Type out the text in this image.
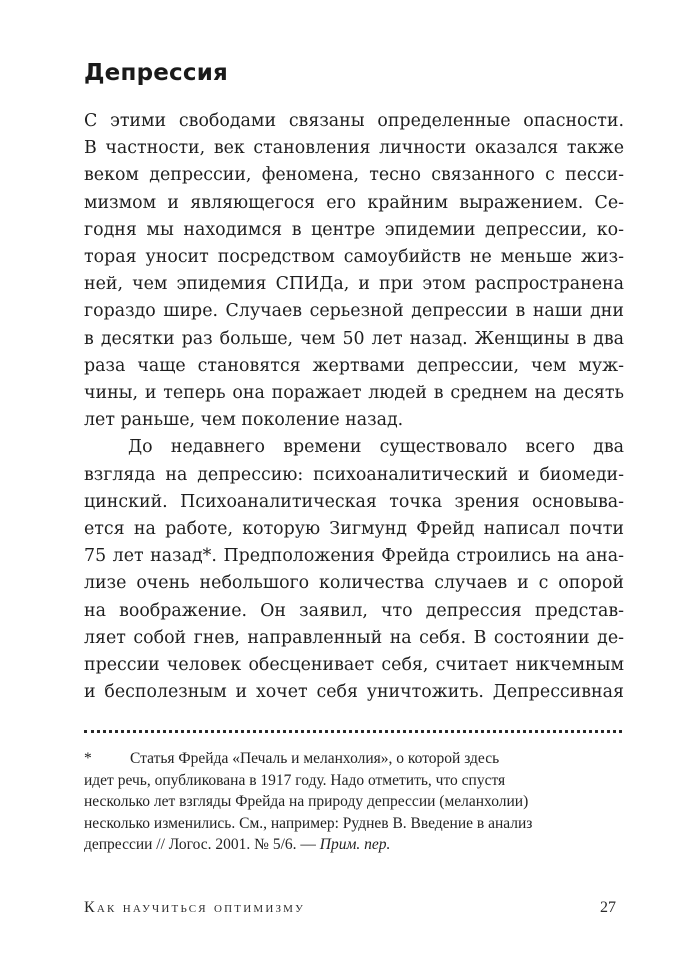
Депрессия
С этими свободами связаны определенные опасности.
В частности, век становления личности оказался также
веком депрессии, феномена, тесно связанного с песси-
мизмом и являющегося его крайним выражением. Се-
годня мы находимся в центре эпидемии депрессии, ко-
торая уносит посредством самоубийств не меньше жиз-
ней, чем эпидемия СПИДа, и при этом распространена
гораздо шире. Случаев серьезной депрессии в наши дни
в десятки раз больше, чем 50 лет назад. Женщины в два
раза чаще становятся жертвами депрессии, чем муж-
чины, и теперь она поражает людей в среднем на десять
лет раньше, чем поколение назад.
До недавнего времени существовало всего два
взгляда на депрессию: психоаналитический и биомеди-
цинский. Психоаналитическая точка зрения основыва-
ется на работе, которую Зигмунд Фрейд написал почти
75 лет назад*. Предположения Фрейда строились на ана-
лизе очень небольшого количества случаев и с опорой
на воображение. Он заявил, что депрессия представ-
ляет собой гнев, направленный на себя. В состоянии де-
прессии человек обесценивает себя, считает никчемным
и бесполезным и хочет себя уничтожить. Депрессивная
* Статья Фрейда «Печаль и меланхолия», о которой здесь
идет речь, опубликована в 1917 году. Надо отметить, что спустя
несколько лет взгляды Фрейда на природу депрессии (меланхолии)
несколько изменились. См., например: Руднев В. Введение в анализ
депрессии // Логос. 2001. № 5/6. — Прим. пер.
Как научиться оптимизму	27
